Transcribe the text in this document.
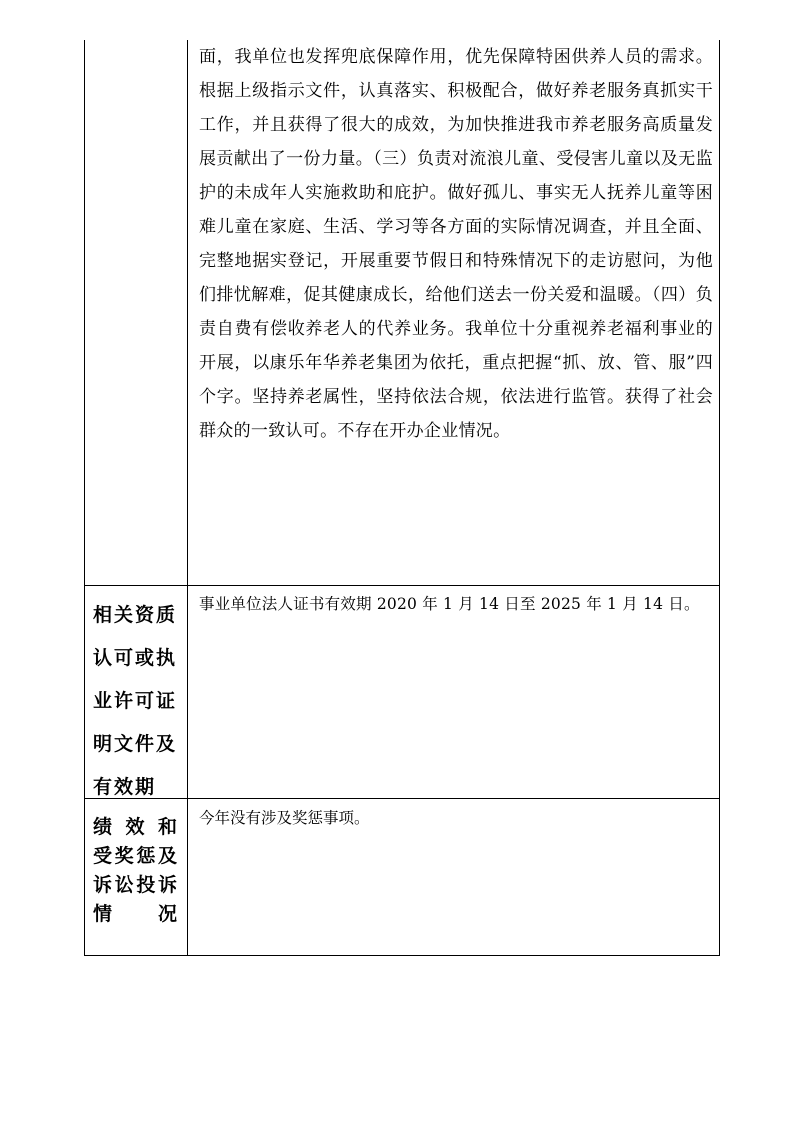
面，我单位也发挥兜底保障作用，优先保障特困供养人员的需求。根据上级指示文件，认真落实、积极配合，做好养老服务真抓实干工作，并且获得了很大的成效，为加快推进我市养老服务高质量发展贡献出了一份力量。（三）负责对流浪儿童、受侵害儿童以及无监护的未成年人实施救助和庇护。做好孤儿、事实无人抚养儿童等困难儿童在家庭、生活、学习等各方面的实际情况调查，并且全面、完整地据实登记，开展重要节假日和特殊情况下的走访慰问，为他们排忧解难，促其健康成长，给他们送去一份关爱和温暖。（四）负责自费有偿收养老人的代养业务。我单位十分重视养老福利事业的开展，以康乐年华养老集团为依托，重点把握“抓、放、管、服”四个字。坚持养老属性，坚持依法合规，依法进行监管。获得了社会群众的一致认可。不存在开办企业情况。

相关资质
认可或执
业许可证
明文件及
有效期

事业单位法人证书有效期 2020 年 1 月 14 日至 2025 年 1 月 14 日。

绩 效 和
受 奖 惩 及
诉 讼 投 诉
情 况

今年没有涉及奖惩事项。
